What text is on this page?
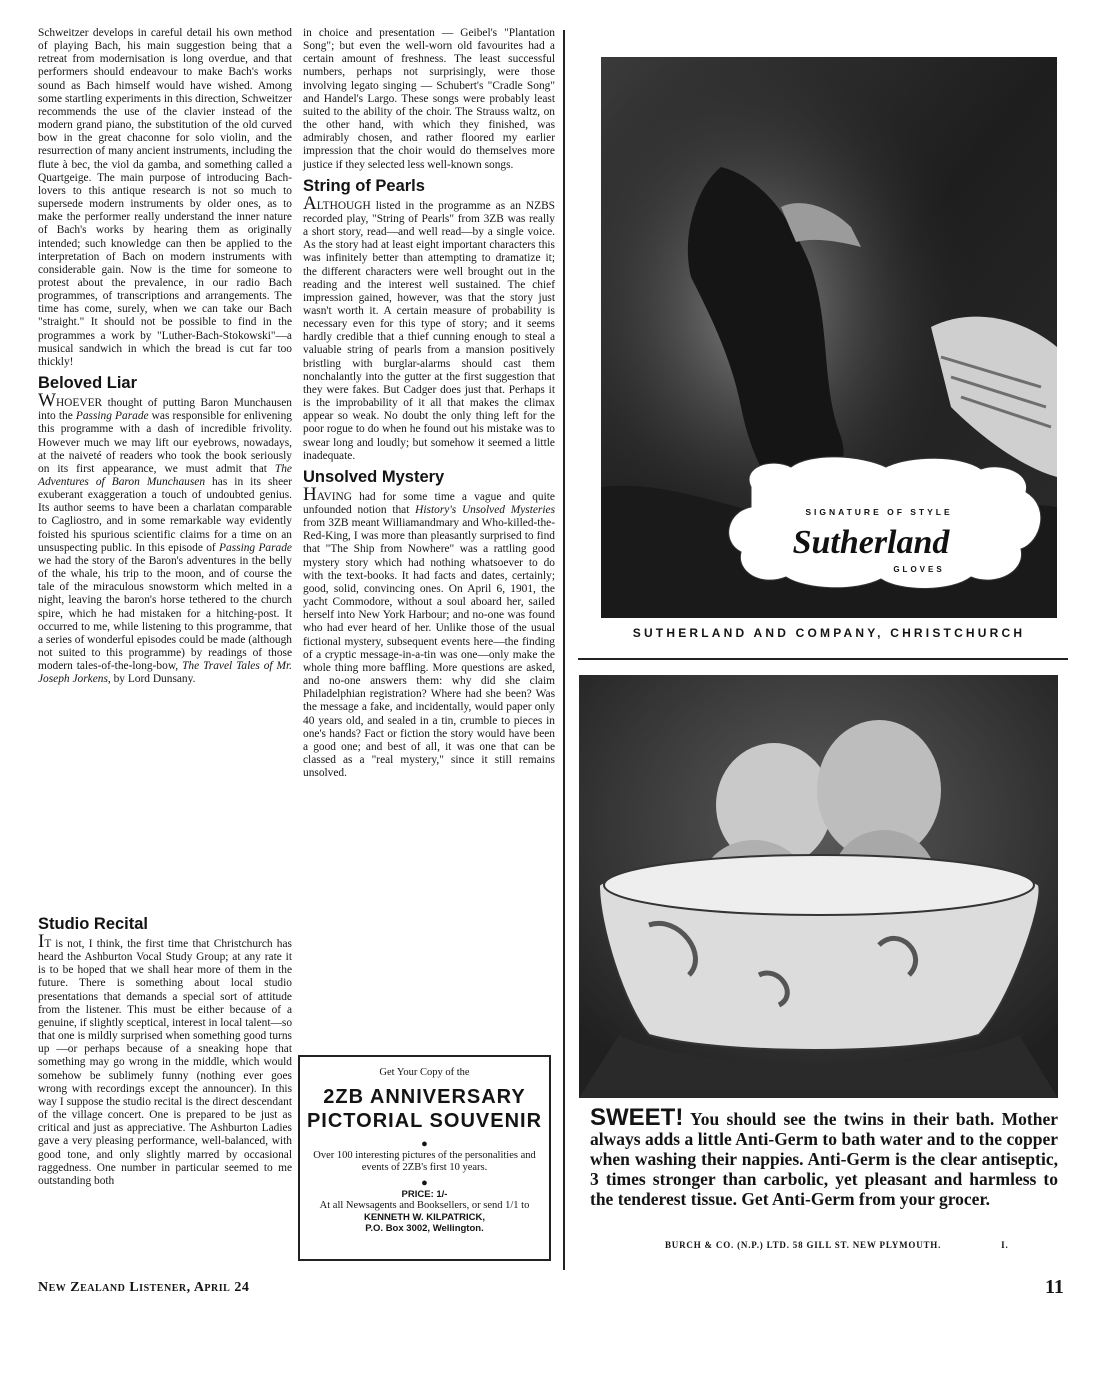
Schweitzer develops in careful detail his own method of playing Bach, his main suggestion being that a retreat from modernisation is long overdue, and that performers should endeavour to make Bach's works sound as Bach himself would have wished. Among some startling experiments in this direction, Schweitzer recommends the use of the clavier instead of the modern grand piano, the substitution of the old curved bow in the great chaconne for solo violin, and the resurrection of many ancient instruments, including the flute à bec, the viol da gamba, and something called a Quartgeige. The main purpose of introducing Bach-lovers to this antique research is not so much to supersede modern instruments by older ones, as to make the performer really understand the inner nature of Bach's works by hearing them as originally intended; such knowledge can then be applied to the interpretation of Bach on modern instruments with considerable gain. Now is the time for someone to protest about the prevalence, in our radio Bach programmes, of transcriptions and arrangements. The time has come, surely, when we can take our Bach "straight." It should not be possible to find in the programmes a work by "Luther-Bach-Stokowski"—a musical sandwich in which the bread is cut far too thickly!

Beloved Liar

WHOEVER thought of putting Baron Munchausen into the Passing Parade was responsible for enlivening this programme with a dash of incredible frivolity. However much we may lift our eyebrows, nowadays, at the naiveté of readers who took the book seriously on its first appearance, we must admit that The Adventures of Baron Munchausen has in its sheer exuberant exaggeration a touch of undoubted genius. Its author seems to have been a charlatan comparable to Cagliostro, and in some remarkable way evidently foisted his spurious scientific claims for a time on an unsuspecting public. In this episode of Passing Parade we had the story of the Baron's adventures in the belly of the whale, his trip to the moon, and of course the tale of the miraculous snowstorm which melted in a night, leaving the baron's horse tethered to the church spire, which he had mistaken for a hitching-post. It occurred to me, while listening to this programme, that a series of wonderful episodes could be made (although not suited to this programme) by readings of those modern tales-of-the-long-bow, The Travel Tales of Mr. Joseph Jorkens, by Lord Dunsany.

Studio Recital

IT is not, I think, the first time that Christchurch has heard the Ashburton Vocal Study Group; at any rate it is to be hoped that we shall hear more of them in the future. There is something about local studio presentations that demands a special sort of attitude from the listener. This must be either because of a genuine, if slightly sceptical, interest in local talent—so that one is mildly surprised when something good turns up —or perhaps because of a sneaking hope that something may go wrong in the middle, which would somehow be sublimely funny (nothing ever goes wrong with recordings except the announcer). In this way I suppose the studio recital is the direct descendant of the village concert. One is prepared to be just as critical and just as appreciative. The Ashburton Ladies gave a very pleasing performance, well-balanced, with good tone, and only slightly marred by occasional raggedness. One number in particular seemed to me outstanding both

in choice and presentation — Geibel's "Plantation Song"; but even the well-worn old favourites had a certain amount of freshness. The least successful numbers, perhaps not surprisingly, were those involving legato singing — Schubert's "Cradle Song" and Handel's Largo. These songs were probably least suited to the ability of the choir. The Strauss waltz, on the other hand, with which they finished, was admirably chosen, and rather floored my earlier impression that the choir would do themselves more justice if they selected less well-known songs.

String of Pearls

ALTHOUGH listed in the programme as an NZBS recorded play, "String of Pearls" from 3ZB was really a short story, read—and well read—by a single voice. As the story had at least eight important characters this was infinitely better than attempting to dramatize it; the different characters were well brought out in the reading and the interest well sustained. The chief impression gained, however, was that the story just wasn't worth it. A certain measure of probability is necessary even for this type of story; and it seems hardly credible that a thief cunning enough to steal a valuable string of pearls from a mansion positively bristling with burglar-alarms should cast them nonchalantly into the gutter at the first suggestion that they were fakes. But Cadger does just that. Perhaps it is the improbability of it all that makes the climax appear so weak. No doubt the only thing left for the poor rogue to do when he found out his mistake was to swear long and loudly; but somehow it seemed a little inadequate.

Unsolved Mystery

HAVING had for some time a vague and quite unfounded notion that History's Unsolved Mysteries from 3ZB meant Williamandmary and Who-killed-the-Red-King, I was more than pleasantly surprised to find that "The Ship from Nowhere" was a rattling good mystery story which had nothing whatsoever to do with the text-books. It had facts and dates, certainly; good, solid, convincing ones. On April 6, 1901, the yacht Commodore, without a soul aboard her, sailed herself into New York Harbour; and no-one was found who had ever heard of her. Unlike those of the usual fictional mystery, subsequent events here—the finding of a cryptic message-in-a-tin was one—only make the whole thing more baffling. More questions are asked, and no-one answers them: why did she claim Philadelphian registration? Where had she been? Was the message a fake, and incidentally, would paper only 40 years old, and sealed in a tin, crumble to pieces in one's hands? Fact or fiction the story would have been a good one; and best of all, it was one that can be classed as a "real mystery," since it still remains unsolved.

Get Your Copy of the
2ZB ANNIVERSARY
PICTORIAL SOUVENIR
●
Over 100 interesting pictures of the personalities and events of 2ZB's first 10 years.
●
PRICE: 1/-
At all Newsagents and Booksellers, or send 1/1 to
KENNETH W. KILPATRICK,
P.O. Box 3002, Wellington.
SIGNATURE OF STYLE
Sutherland
GLOVES
SUTHERLAND AND COMPANY, CHRISTCHURCH
SWEET! You should see the twins in their bath. Mother always adds a little Anti-Germ to bath water and to the copper when washing their nappies. Anti-Germ is the clear antiseptic, 3 times stronger than carbolic, yet pleasant and harmless to the tenderest tissue. Get Anti-Germ from your grocer.
BURCH & CO. (N.P.) LTD. 58 GILL ST. NEW PLYMOUTH.	I.
New Zealand Listener, April 24	11
